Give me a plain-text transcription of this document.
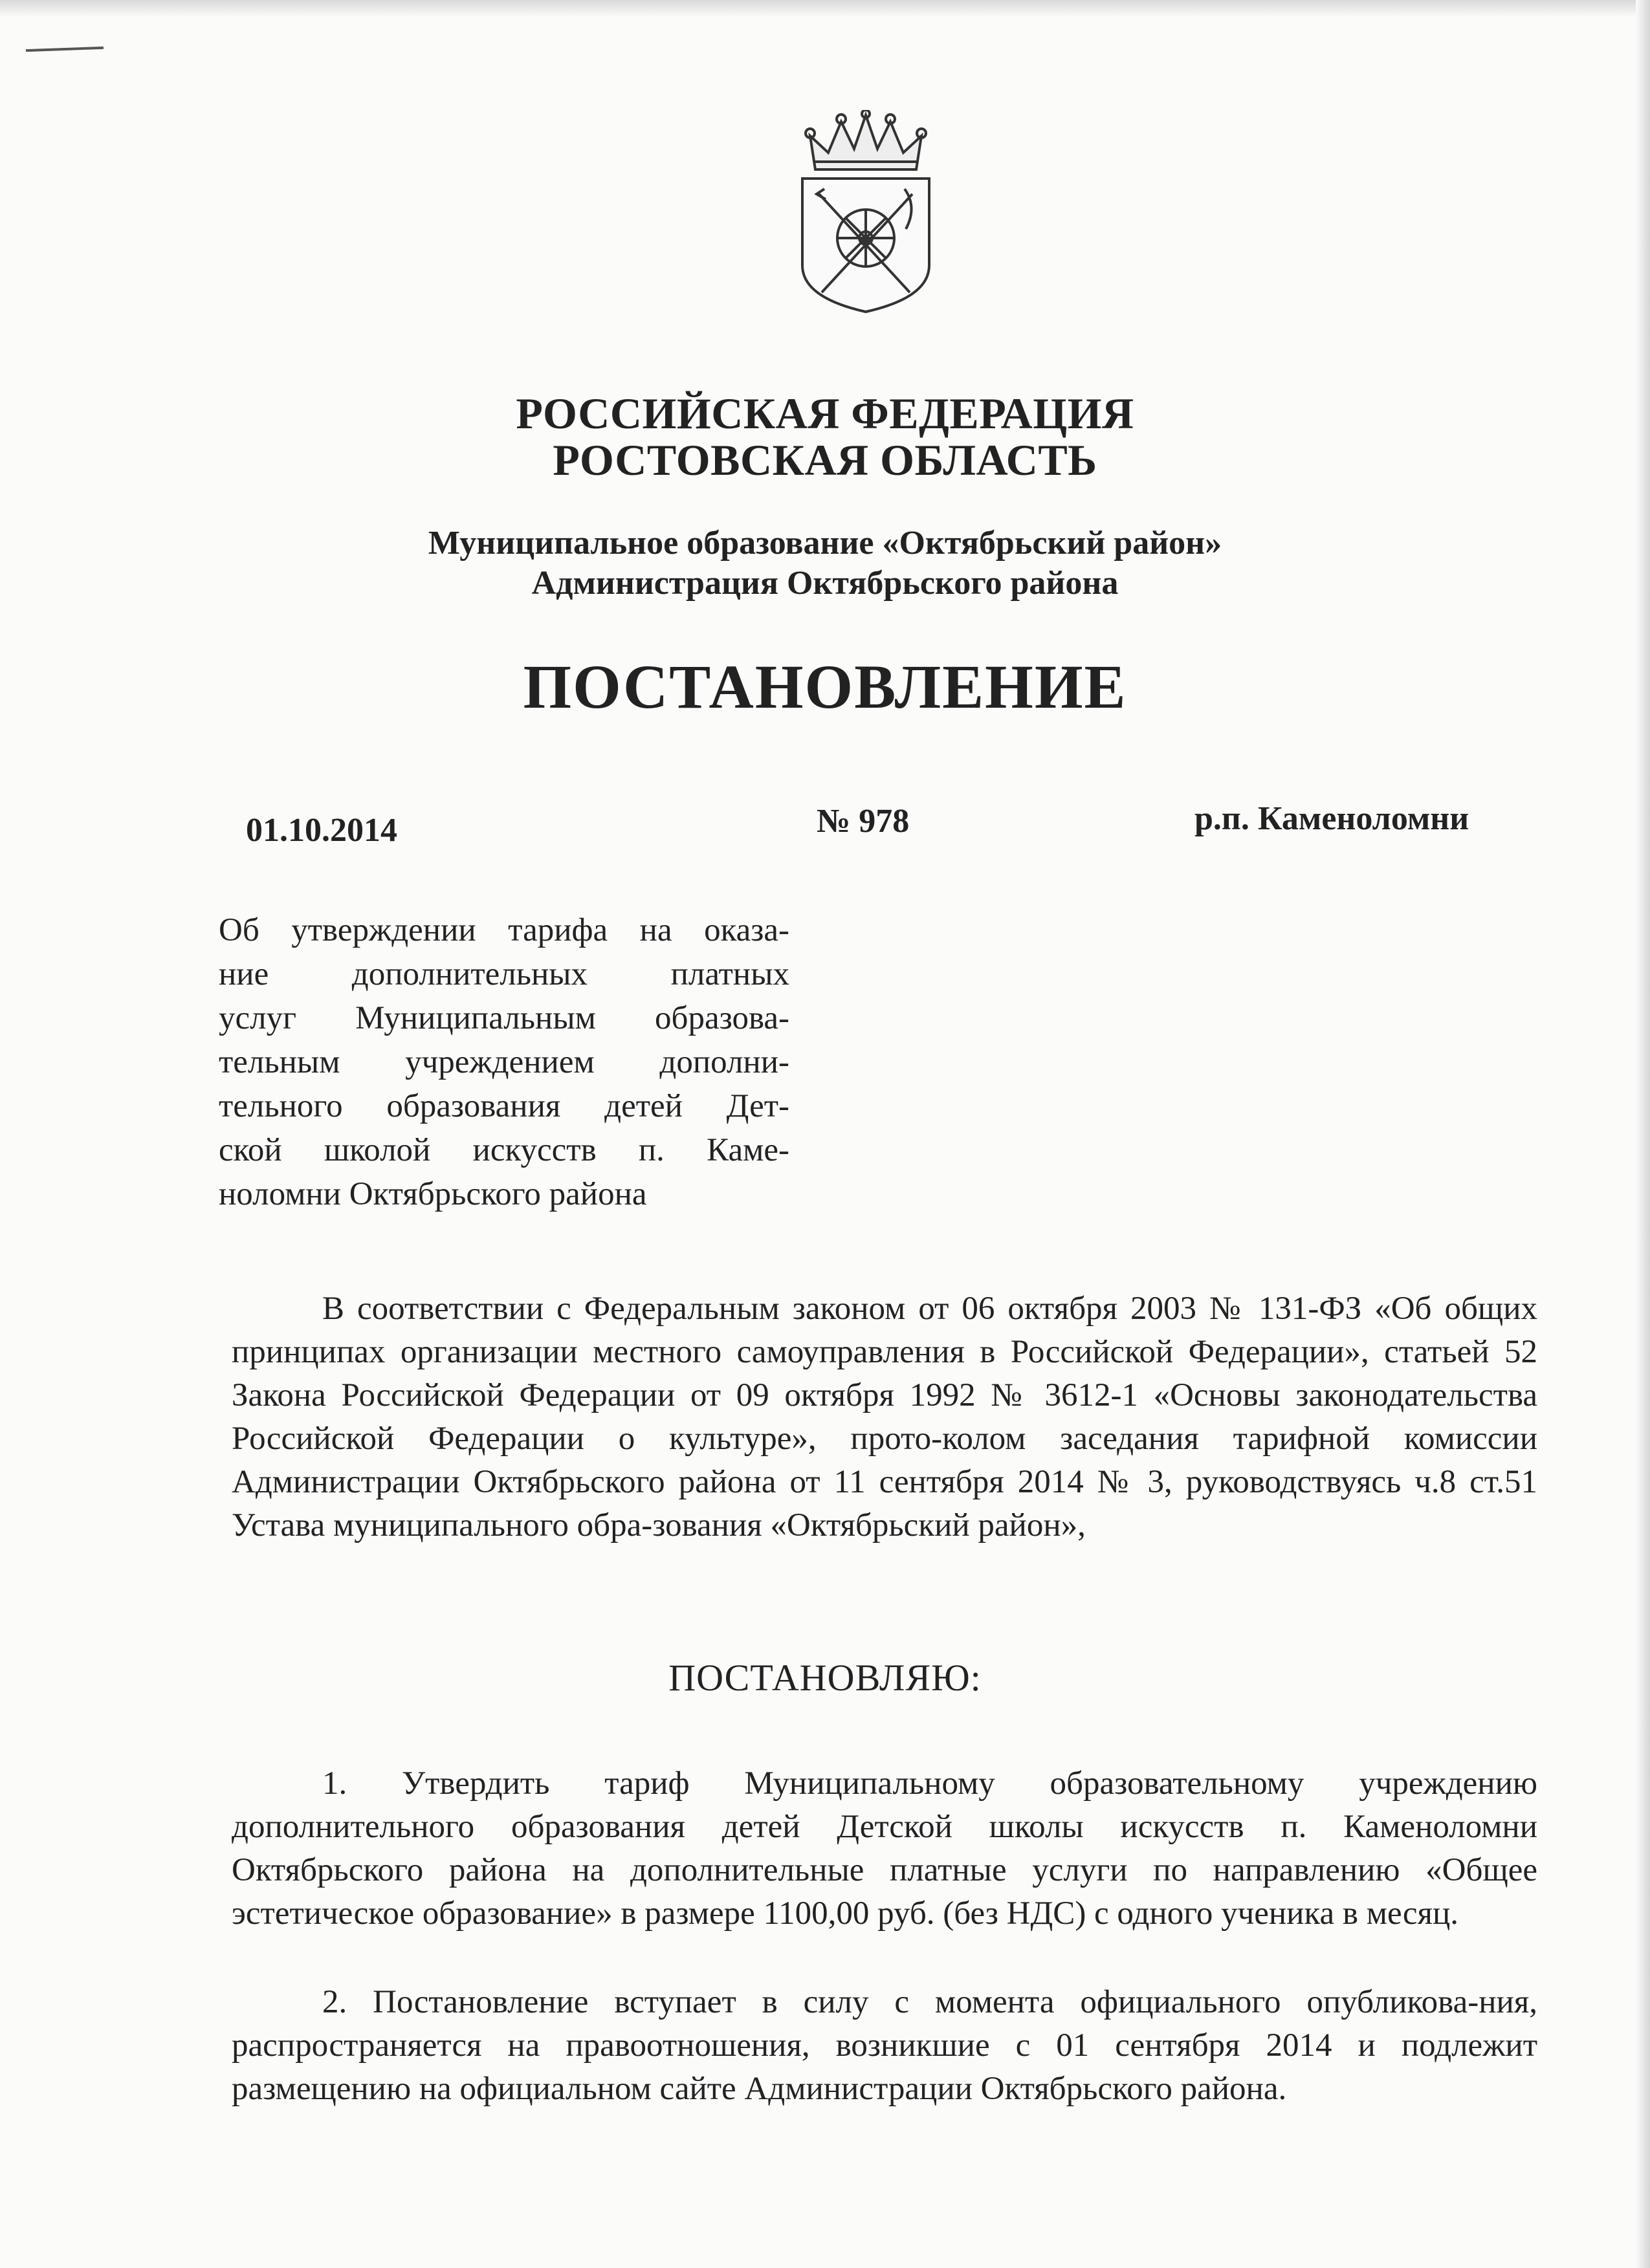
РОССИЙСКАЯ ФЕДЕРАЦИЯ
РОСТОВСКАЯ ОБЛАСТЬ
Муниципальное образование «Октябрьский район»
Администрация Октябрьского района
ПОСТАНОВЛЕНИЕ
01.10.2014	№ 978	р.п. Каменоломни
Об утверждении тарифа на оказа-
ние дополнительных платных
услуг Муниципальным образова-
тельным учреждением дополни-
тельного образования детей Дет-
ской школой искусств п. Каме-
ноломни Октябрьского района
В соответствии с Федеральным законом от 06 октября 2003 № 131-ФЗ «Об общих принципах организации местного самоуправления в Российской Федерации», статьей 52 Закона Российской Федерации от 09 октября 1992 № 3612-1 «Основы законодательства Российской Федерации о культуре», прото-колом заседания тарифной комиссии Администрации Октябрьского района от 11 сентября 2014 № 3, руководствуясь ч.8 ст.51 Устава муниципального обра-зования «Октябрьский район»,
ПОСТАНОВЛЯЮ:
1. Утвердить тариф Муниципальному образовательному учреждению дополнительного образования детей Детской школы искусств п. Каменоломни Октябрьского района на дополнительные платные услуги по направлению «Общее эстетическое образование» в размере 1100,00 руб. (без НДС) с одного ученика в месяц.
2. Постановление вступает в силу с момента официального опубликова-ния, распространяется на правоотношения, возникшие с 01 сентября 2014 и подлежит размещению на официальном сайте Администрации Октябрьского района.
